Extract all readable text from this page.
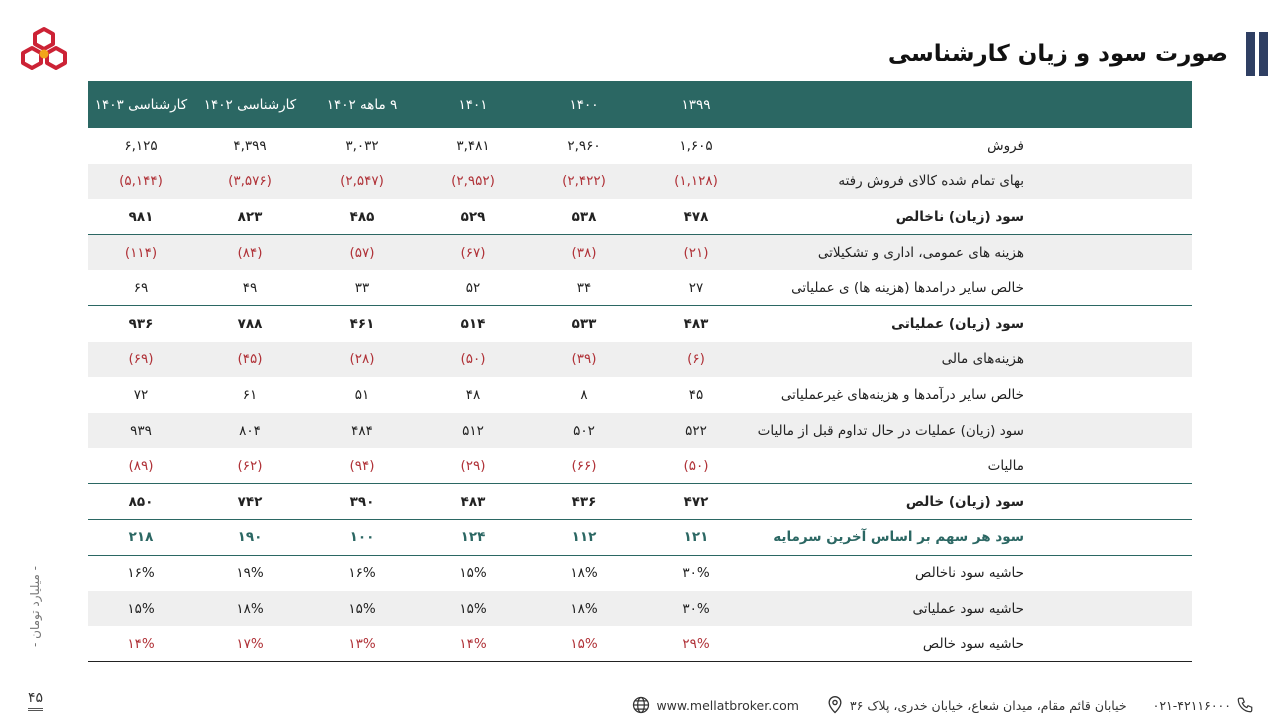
صورت سود و زیان کارشناسی
	۱۳۹۹	۱۴۰۰	۱۴۰۱	۹ ماهه ۱۴۰۲	کارشناسی ۱۴۰۲	کارشناسی ۱۴۰۳
فروش	۱,۶۰۵	۲,۹۶۰	۳,۴۸۱	۳,۰۳۲	۴,۳۹۹	۶,۱۲۵
بهای تمام شده کالای فروش رفته	(۱,۱۲۸)	(۲,۴۲۲)	(۲,۹۵۲)	(۲,۵۴۷)	(۳,۵۷۶)	(۵,۱۴۴)
سود (زیان) ناخالص	۴۷۸	۵۳۸	۵۲۹	۴۸۵	۸۲۳	۹۸۱
هزینه های عمومی، اداری و تشکیلاتی	(۲۱)	(۳۸)	(۶۷)	(۵۷)	(۸۴)	(۱۱۴)
خالص سایر درامدها (هزینه ها) ی عملیاتی	۲۷	۳۴	۵۲	۳۳	۴۹	۶۹
سود (زیان) عملیاتی	۴۸۳	۵۳۳	۵۱۴	۴۶۱	۷۸۸	۹۳۶
هزینه‌های مالی	(۶)	(۳۹)	(۵۰)	(۲۸)	(۴۵)	(۶۹)
خالص سایر درآمدها و هزینه‌های غیرعملیاتی	۴۵	۸	۴۸	۵۱	۶۱	۷۲
سود (زیان) عملیات در حال تداوم قبل از مالیات	۵۲۲	۵۰۲	۵۱۲	۴۸۴	۸۰۴	۹۳۹
مالیات	(۵۰)	(۶۶)	(۲۹)	(۹۴)	(۶۲)	(۸۹)
سود (زیان) خالص	۴۷۲	۴۳۶	۴۸۳	۳۹۰	۷۴۲	۸۵۰
سود هر سهم بر اساس آخرین سرمایه	۱۲۱	۱۱۲	۱۲۴	۱۰۰	۱۹۰	۲۱۸
حاشیه سود ناخالص	۳۰%	۱۸%	۱۵%	۱۶%	۱۹%	۱۶%
حاشیه سود عملیاتی	۳۰%	۱۸%	۱۵%	۱۵%	۱۸%	۱۵%
حاشیه سود خالص	۲۹%	۱۵%	۱۴%	۱۳%	۱۷%	۱۴%
- میلیارد تومان -
۴۵	۰۲۱-۴۲۱۱۶۰۰۰
خیابان قائم مقام، میدان شعاع، خیابان خدری، پلاک ۳۶
www.mellatbroker.com
